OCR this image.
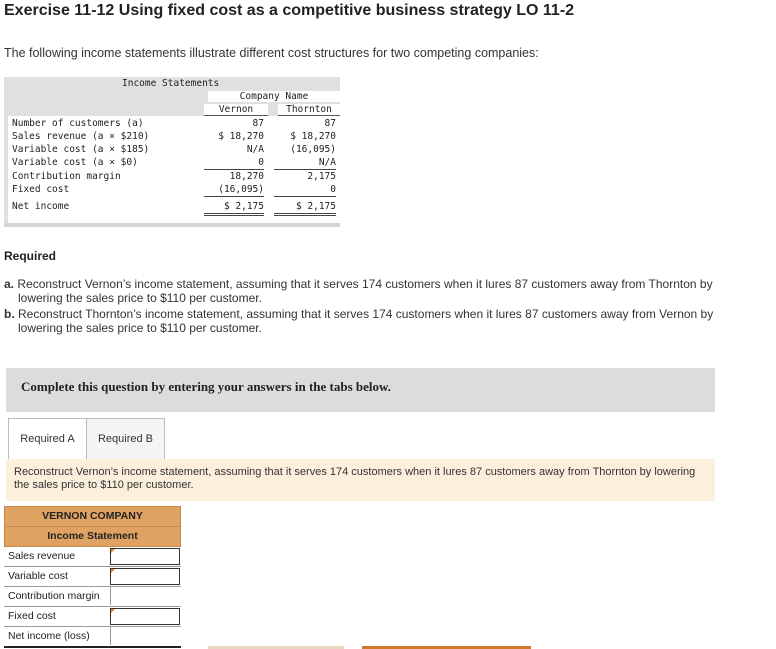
Exercise 11-12 Using fixed cost as a competitive business strategy LO 11-2
The following income statements illustrate different cost structures for two competing companies:
Income Statements
Company Name
Vernon	Thornton
Number of customers (a)	87	87
Sales revenue (a × $210)	$ 18,270	$ 18,270
Variable cost (a × $185)	N/A	(16,095)
Variable cost (a × $0)	0	N/A
Contribution margin	18,270	2,175
Fixed cost	(16,095)	0
Net income	$ 2,175	$ 2,175
Required
a. Reconstruct Vernon’s income statement, assuming that it serves 174 customers when it lures 87 customers away from Thornton by
lowering the sales price to $110 per customer.
b. Reconstruct Thornton’s income statement, assuming that it serves 174 customers when it lures 87 customers away from Vernon by
lowering the sales price to $110 per customer.
Complete this question by entering your answers in the tabs below.
Required A	Required B
Reconstruct Vernon’s income statement, assuming that it serves 174 customers when it lures 87 customers away from Thornton by lowering the sales price to $110 per customer.
VERNON COMPANY
Income Statement
Sales revenue
Variable cost
Contribution margin
Fixed cost
Net income (loss)
